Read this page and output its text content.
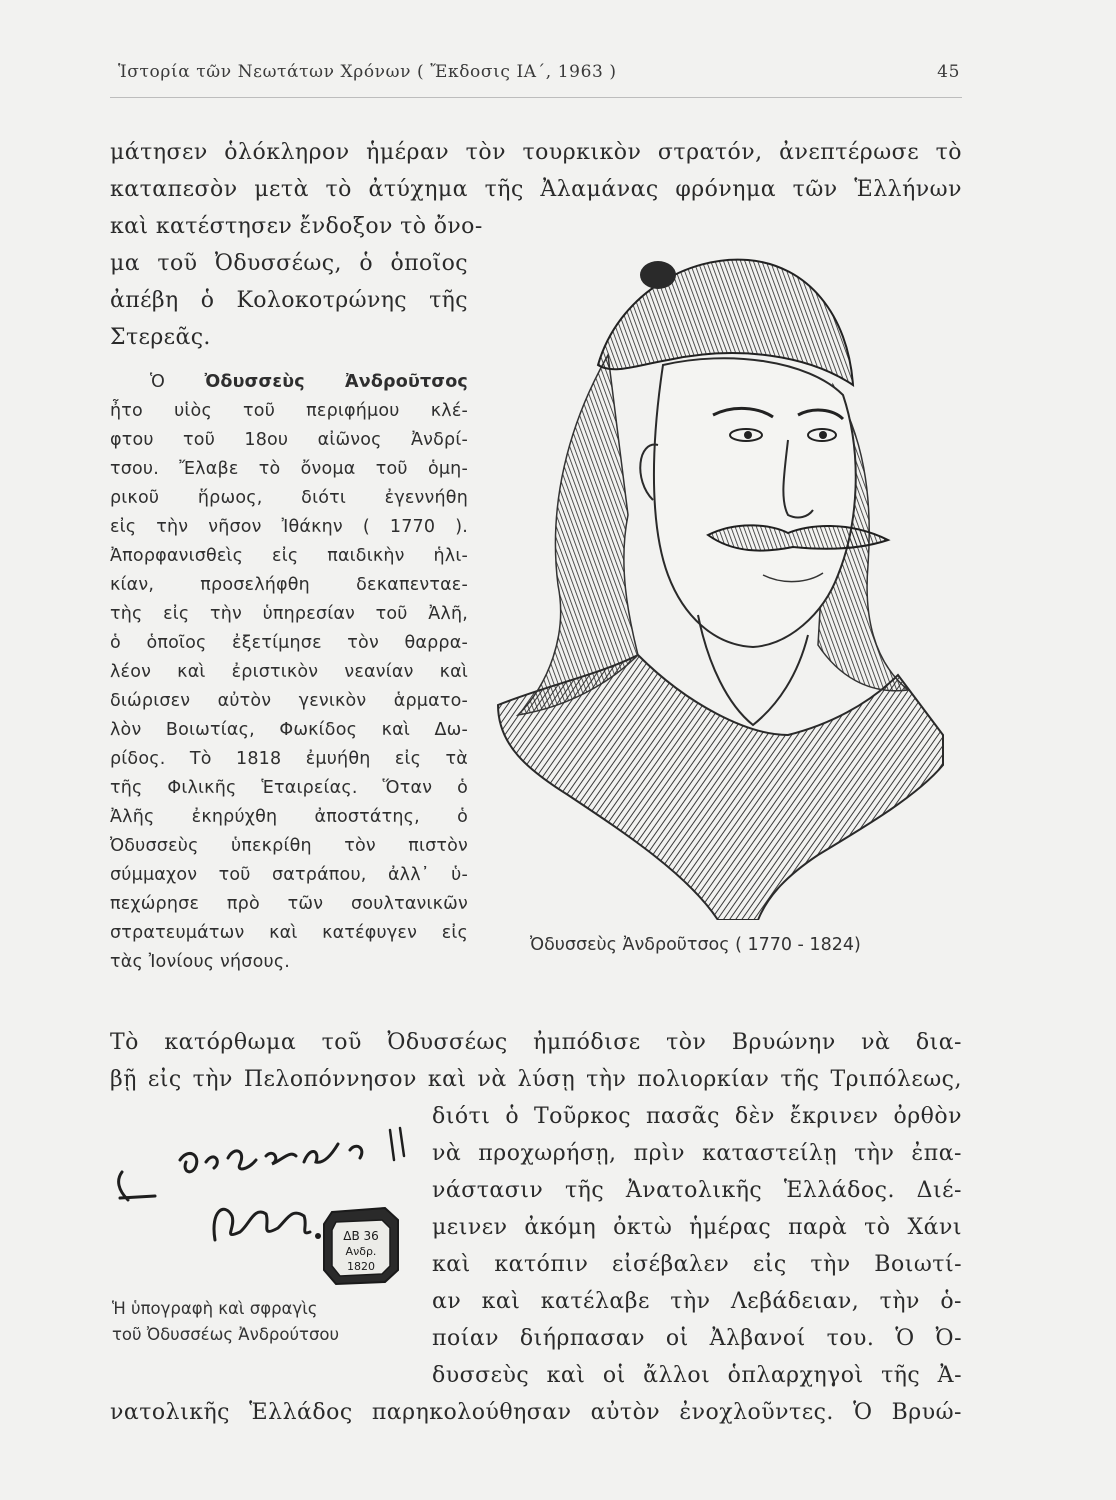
Ἱστορία τῶν Νεωτάτων Χρόνων ( Ἔκδοσις ΙΑ΄, 1963 )	45
μάτησεν ὁλόκληρον ἡμέραν τὸν τουρκικὸν στρατόν, ἀνεπτέρωσε τὸ
καταπεσὸν μετὰ τὸ ἀτύχημα τῆς Ἀλαμάνας φρόνημα τῶν Ἑλλήνων
καὶ κατέστησεν ἔνδοξον τὸ ὄνο-
μα τοῦ Ὀδυσσέως, ὁ ὁποῖος
ἀπέβη ὁ Κολοκοτρώνης τῆς
Στερεᾶς.
Ὁ Ὀδυσσεὺς Ἀνδροῦτσος
ἦτο υἱὸς τοῦ περιφήμου κλέ-
φτου τοῦ 18ου αἰῶνος Ἀνδρί-
τσου. Ἔλαβε τὸ ὄνομα τοῦ ὁμη-
ρικοῦ ἥρωος, διότι ἐγεννήθη
εἰς τὴν νῆσον Ἰθάκην ( 1770 ).
Ἀπορφανισθεὶς εἰς παιδικὴν ἡλι-
κίαν, προσελήφθη δεκαπενταε-
τὴς εἰς τὴν ὑπηρεσίαν τοῦ Ἀλῆ,
ὁ ὁποῖος ἐξετίμησε τὸν θαρρα-
λέον καὶ ἐριστικὸν νεανίαν καὶ
διώρισεν αὐτὸν γενικὸν ἁρματο-
λὸν Βοιωτίας, Φωκίδος καὶ Δω-
ρίδος. Τὸ 1818 ἐμυήθη εἰς τὰ
τῆς Φιλικῆς Ἑταιρείας. Ὅταν ὁ
Ἀλῆς ἐκηρύχθη ἀποστάτης, ὁ
Ὀδυσσεὺς ὑπεκρίθη τὸν πιστὸν
σύμμαχον τοῦ σατράπου, ἀλλ᾿ ὑ-
πεχώρησε πρὸ τῶν σουλτανικῶν
στρατευμάτων καὶ κατέφυγεν εἰς
τὰς Ἰονίους νήσους.
Ὀδυσσεὺς Ἀνδροῦτσος ( 1770 - 1824)
Τὸ κατόρθωμα τοῦ Ὀδυσσέως ἠμπόδισε τὸν Βρυώνην νὰ δια-
βῇ εἰς τὴν Πελοπόννησον καὶ νὰ λύσῃ τὴν πολιορκίαν τῆς Τριπόλεως,
διότι ὁ Τοῦρκος πασᾶς δὲν ἔκρινεν ὀρθὸν
νὰ προχωρήσῃ, πρὶν καταστείλῃ τὴν ἐπα-
νάστασιν τῆς Ἀνατολικῆς Ἑλλάδος. Διέ-
μεινεν ἀκόμη ὀκτὼ ἡμέρας παρὰ τὸ Χάνι
καὶ κατόπιν εἰσέβαλεν εἰς τὴν Βοιωτί-
αν καὶ κατέλαβε τὴν Λεβάδειαν, τὴν ὁ-
ποίαν διήρπασαν οἱ Ἀλβανοί του. Ὁ Ὀ-
δυσσεὺς καὶ οἱ ἄλλοι ὁπλαρχηγοὶ τῆς Ἀ-
ΔΒ 36
Ανδρ.
1820
Ἡ ὑπογραφὴ καὶ σφραγὶς
τοῦ Ὀδυσσέως Ἀνδρούτσου
νατολικῆς Ἑλλάδος παρηκολούθησαν αὐτὸν ἐνοχλοῦντες. Ὁ Βρυώ-
